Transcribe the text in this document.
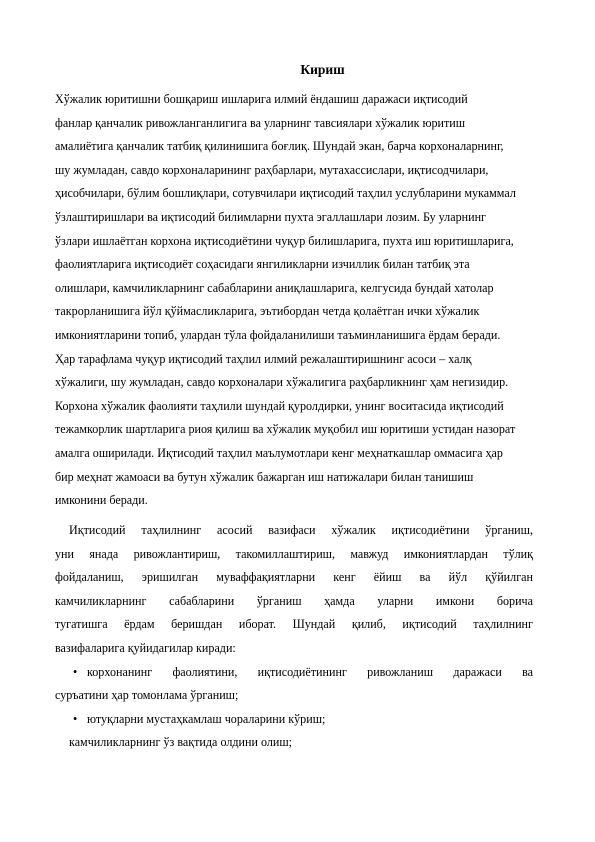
Кириш
Хўжалик юритишни бошқариш ишларига илмий ёндашиш даражаси иқтисодий
фанлар қанчалик ривожланганлигига ва уларнинг тавсиялари хўжалик юритиш
амалиётига қанчалик татбиқ қилинишига боғлиқ. Шундай экан, барча корхоналарнинг,
шу жумладан, савдо корхоналарининг раҳбарлари, мутахассислари, иқтисодчилари,
ҳисобчилари, бўлим бошлиқлари, сотувчилари иқтисодий таҳлил услубларини мукаммал
ўзлаштиришлари ва иқтисодий билимларни пухта эгаллашлари лозим. Бу уларнинг
ўзлари ишлаётган корхона иқтисодиётини чуқур билишларига, пухта иш юритишларига,
фаолиятларига иқтисодиёт соҳасидаги янгиликларни изчиллик билан татбиқ эта
олишлари, камчиликларнинг сабабларини аниқлашларига, келгусида бундай хатолар
такрорланишига йўл қўймасликларига, эътибордан четда қолаётган ички хўжалик
имкониятларини топиб, улардан тўла фойдаланилиши таъминланишига ёрдам беради.
Ҳар тарафлама чуқур иқтисодий таҳлил илмий режалаштиришнинг асоси – халқ
хўжалиги, шу жумладан, савдо корхоналари хўжалигига раҳбарликнинг ҳам негизидир.
Корхона хўжалик фаолияти таҳлили шундай қуролдирки, унинг воситасида иқтисодий
тежамкорлик шартларига риоя қилиш ва хўжалик муқобил иш юритиши устидан назорат
амалга оширилади. Иқтисодий таҳлил маълумотлари кенг меҳнаткашлар оммасига ҳар
бир меҳнат жамоаси ва бутун хўжалик бажарган иш натижалари билан танишиш
имконини беради.
Иқтисодий таҳлилнинг асосий вазифаси хўжалик иқтисодиётини ўрганиш,
уни янада ривожлантириш, такомиллаштириш, мавжуд имкониятлардан тўлиқ
фойдаланиш, эришилган муваффақиятларни кенг ёйиш ва йўл қўйилган
камчиликларнинг сабабларини ўрганиш ҳамда уларни имкони борича
тугатишга ёрдам беришдан иборат. Шундай қилиб, иқтисодий таҳлилнинг
вазифаларига қуйидагилар киради:
• корхонанинг фаолиятини, иқтисодиётининг ривожланиш даражаси ва
суръатини ҳар томонлама ўрганиш;
• ютуқларни мустаҳкамлаш чораларини кўриш;
камчиликларнинг ўз вақтида олдини олиш;
